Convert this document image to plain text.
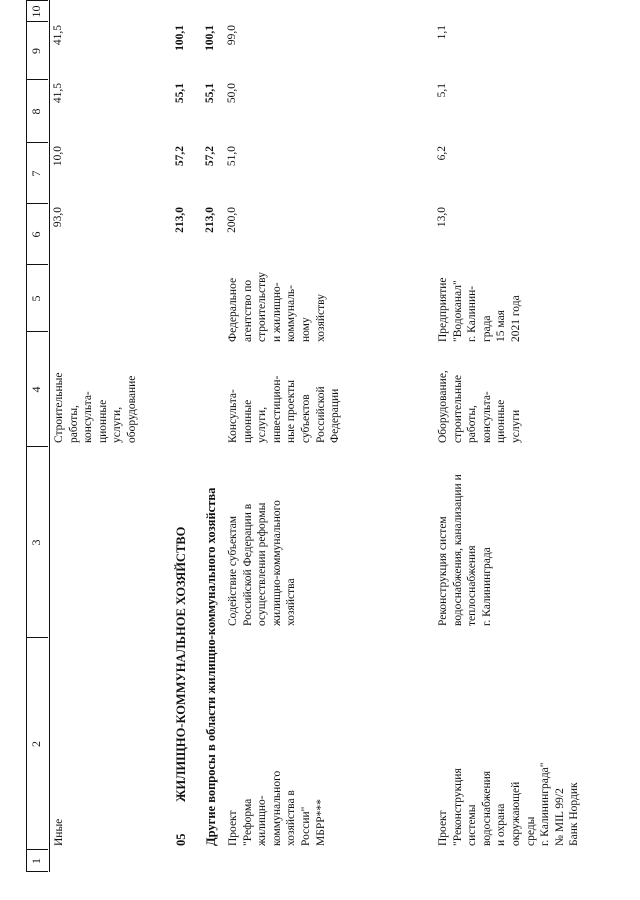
1
2
3
4
5
6
7
8
9
10
Иные
Строительные
работы,
консульта-
ционные
услуги,
оборудование
93,0
10,0
41,5
41,5
05
ЖИЛИЩНО-КОММУНАЛЬНОЕ ХОЗЯЙСТВО
213,0
57,2
55,1
100,1
Другие вопросы в области жилищно-коммунального хозяйства
213,0
57,2
55,1
100,1
Проект
"Реформа
жилищно-
коммунального
хозяйства в
России"
МБРР***
Содействие субъектам
Российской Федерации в
осуществлении реформы
жилищно-коммунального
хозяйства
Консульта-
ционные
услуги,
инвестицион-
ные проекты
субъектов
Российской
Федерации
Федеральное
агентство по
строительству
и жилищно-
коммуналь-
ному
хозяйству
200,0
51,0
50,0
99,0
Проект
"Реконструкция
системы
водоснабжения
и охрана
окружающей
среды
г. Калининграда"
№ MIL 99/2
Банк Нордик
Реконструкция систем
водоснабжения, канализации и
теплоснабжения
г. Калининграда
Оборудование,
строительные
работы,
консульта-
ционные
услуги
Предприятие
"Водоканал"
г. Калинин-
града
15 мая
2021 года
13,0
6,2
5,1
1,1
